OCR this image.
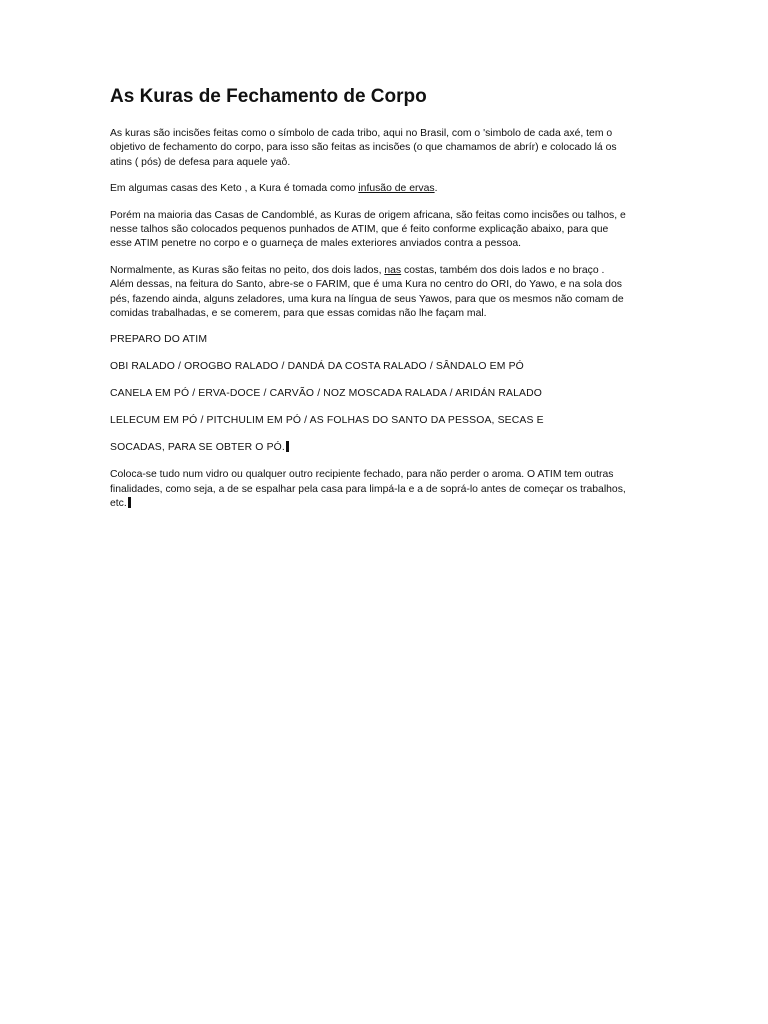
As Kuras de Fechamento de Corpo
As kuras são incisões feitas como o símbolo de cada tribo, aqui no Brasil, com o 'simbolo de cada axé, tem o
objetivo de fechamento do corpo, para isso são feitas as incisões (o que chamamos de abrír) e colocado lá os
atins ( pós) de defesa para aquele yaô.
Em algumas casas des Keto , a Kura é tomada como infusão de ervas.
Porém na maioria das Casas de Candomblé, as Kuras de origem africana, são feitas como incisões ou talhos, e
nesse talhos são colocados pequenos punhados de ATIM, que é feito conforme explicação abaixo, para que
esse ATIM penetre no corpo e o guarneça de males exteriores anviados contra a pessoa.
Normalmente, as Kuras são feitas no peito, dos dois lados, nas costas, também dos dois lados e no braço .
Além dessas, na feitura do Santo, abre-se o FARIM, que é uma Kura no centro do ORI, do Yawo, e na sola dos
pés, fazendo ainda, alguns zeladores, uma kura na língua de seus Yawos, para que os mesmos não comam de
comidas trabalhadas, e se comerem, para que essas comidas não lhe façam mal.
PREPARO DO ATIM
OBI RALADO / OROGBO RALADO / DANDÁ DA COSTA RALADO / SÂNDALO EM PÓ
CANELA EM PÓ / ERVA-DOCE / CARVÃO / NOZ MOSCADA RALADA / ARIDÁN RALADO
LELECUM EM PÓ / PITCHULIM EM PÓ / AS FOLHAS DO SANTO DA PESSOA, SECAS E
SOCADAS, PARA SE OBTER O PÓ.
Coloca-se tudo num vidro ou qualquer outro recipiente fechado, para não perder o aroma. O ATIM tem outras
finalidades, como seja, a de se espalhar pela casa para limpá-la e a de soprá-lo antes de começar os trabalhos,
etc.
